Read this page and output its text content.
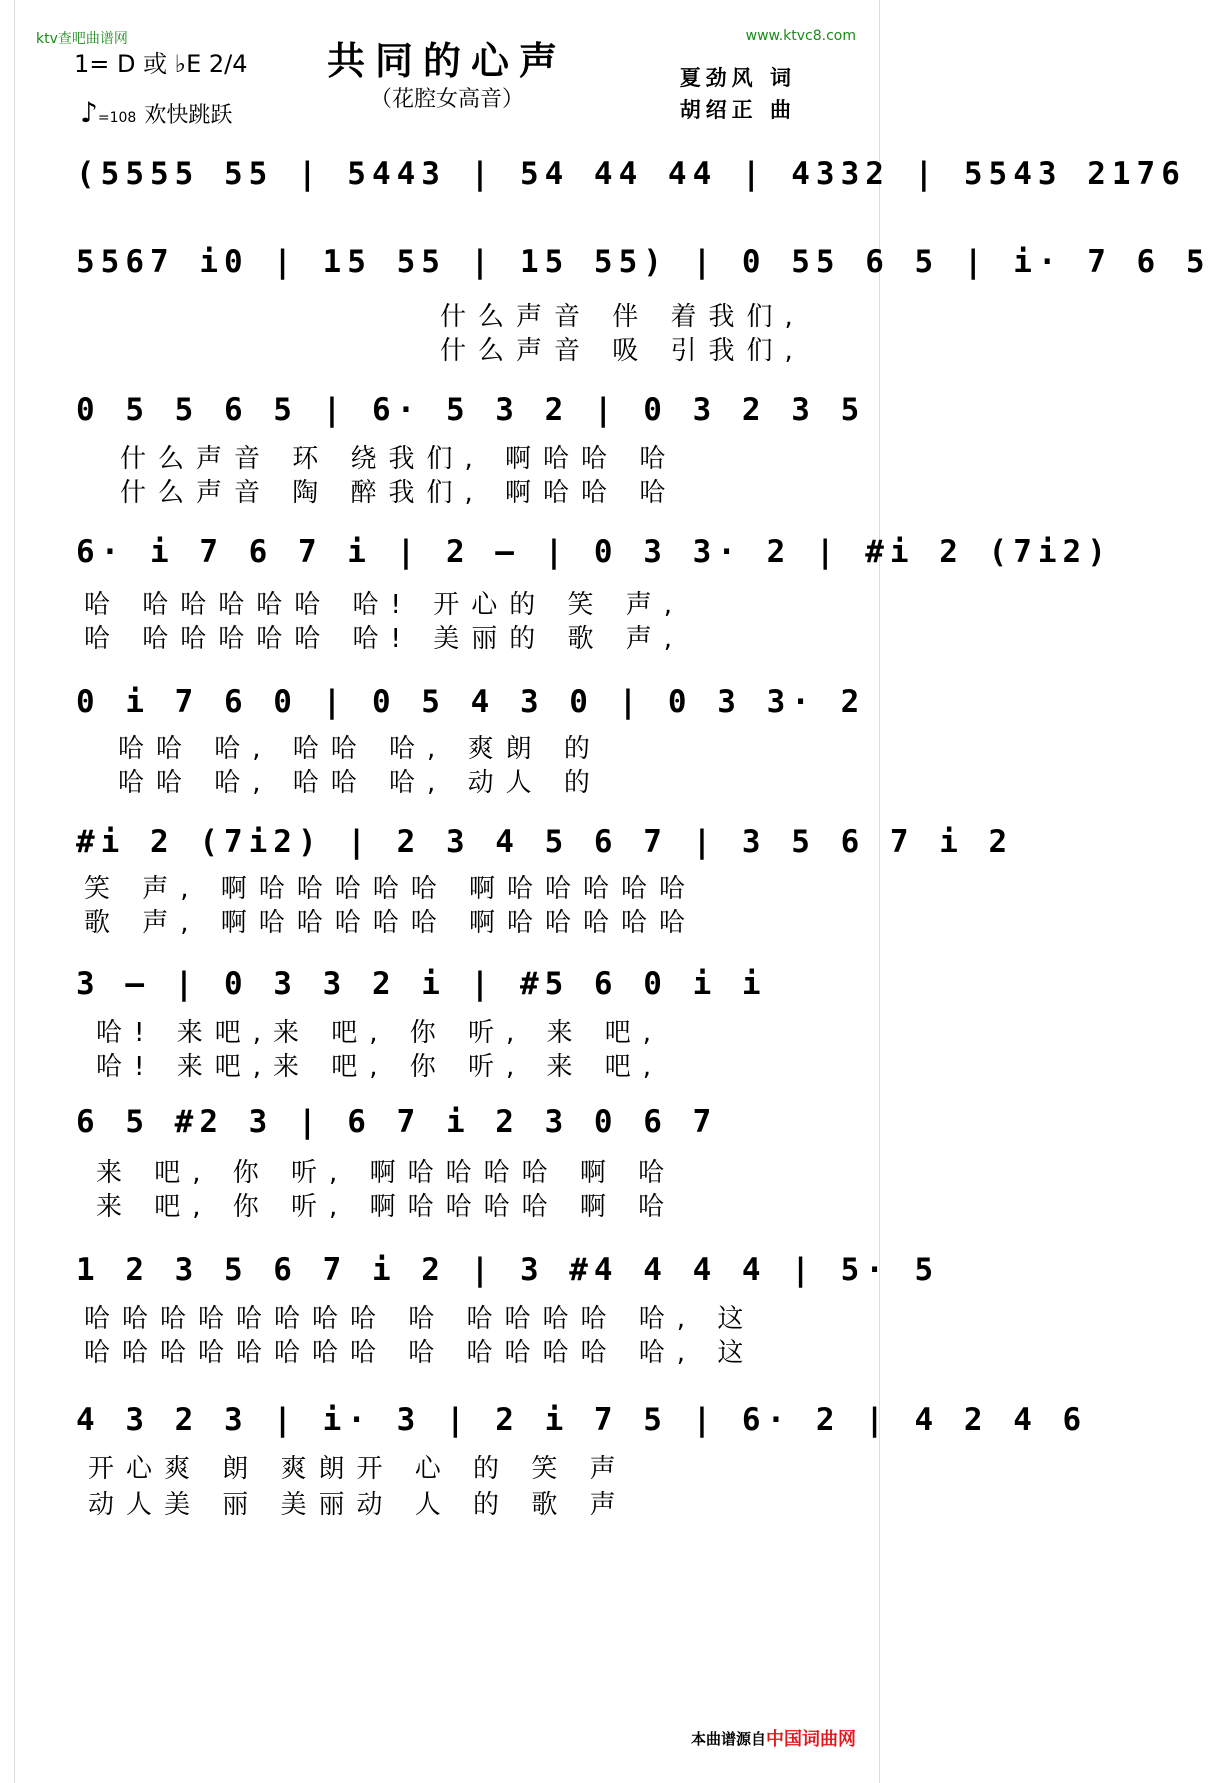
ktv查吧曲谱网	www.ktvc8.com
1= D 或 ♭E 2/4
♪=108 欢快跳跃
共同的心声
（花腔女高音）
夏劲风 词
胡绍正 曲
(5555 55 | 5443 | 54 44 44 | 4332 | 5543 2176
5567 i0 | 15 55 | 15 55) | 0 55 6 5 | i· 7 6 5
什么声音 伴 着我们,
什么声音 吸 引我们,
0 5 5 6 5 | 6· 5 3 2 | 0 3 2 3 5
什么声音 环 绕我们, 啊哈哈 哈
什么声音 陶 醉我们, 啊哈哈 哈
6· i 7 6 7 i | 2 — | 0 3 3· 2 | #i 2 (7i2)
哈 哈哈哈哈哈 哈! 开心的 笑 声,
哈 哈哈哈哈哈 哈! 美丽的 歌 声,
0 i 7 6 0 | 0 5 4 3 0 | 0 3 3· 2
哈哈 哈, 哈哈 哈, 爽朗 的
哈哈 哈, 哈哈 哈, 动人 的
#i 2 (7i2) | 2 3 4 5 6 7 | 3 5 6 7 i 2
笑 声, 啊哈哈哈哈哈 啊哈哈哈哈哈
歌 声, 啊哈哈哈哈哈 啊哈哈哈哈哈
3 — | 0 3 3 2 i | #5 6 0 i i
哈! 来吧,来 吧, 你 听, 来 吧,
哈! 来吧,来 吧, 你 听, 来 吧,
6 5 #2 3 | 6 7 i 2 3 0 6 7
来 吧, 你 听, 啊哈哈哈哈 啊 哈
来 吧, 你 听, 啊哈哈哈哈 啊 哈
1 2 3 5 6 7 i 2 | 3 #4 4 4 4 | 5· 5
哈哈哈哈哈哈哈哈 哈 哈哈哈哈 哈, 这
哈哈哈哈哈哈哈哈 哈 哈哈哈哈 哈, 这
4 3 2 3 | i· 3 | 2 i 7 5 | 6· 2 | 4 2 4 6
开心爽 朗 爽朗开 心 的 笑 声
动人美 丽 美丽动 人 的 歌 声
本曲谱源自 中国词曲网
